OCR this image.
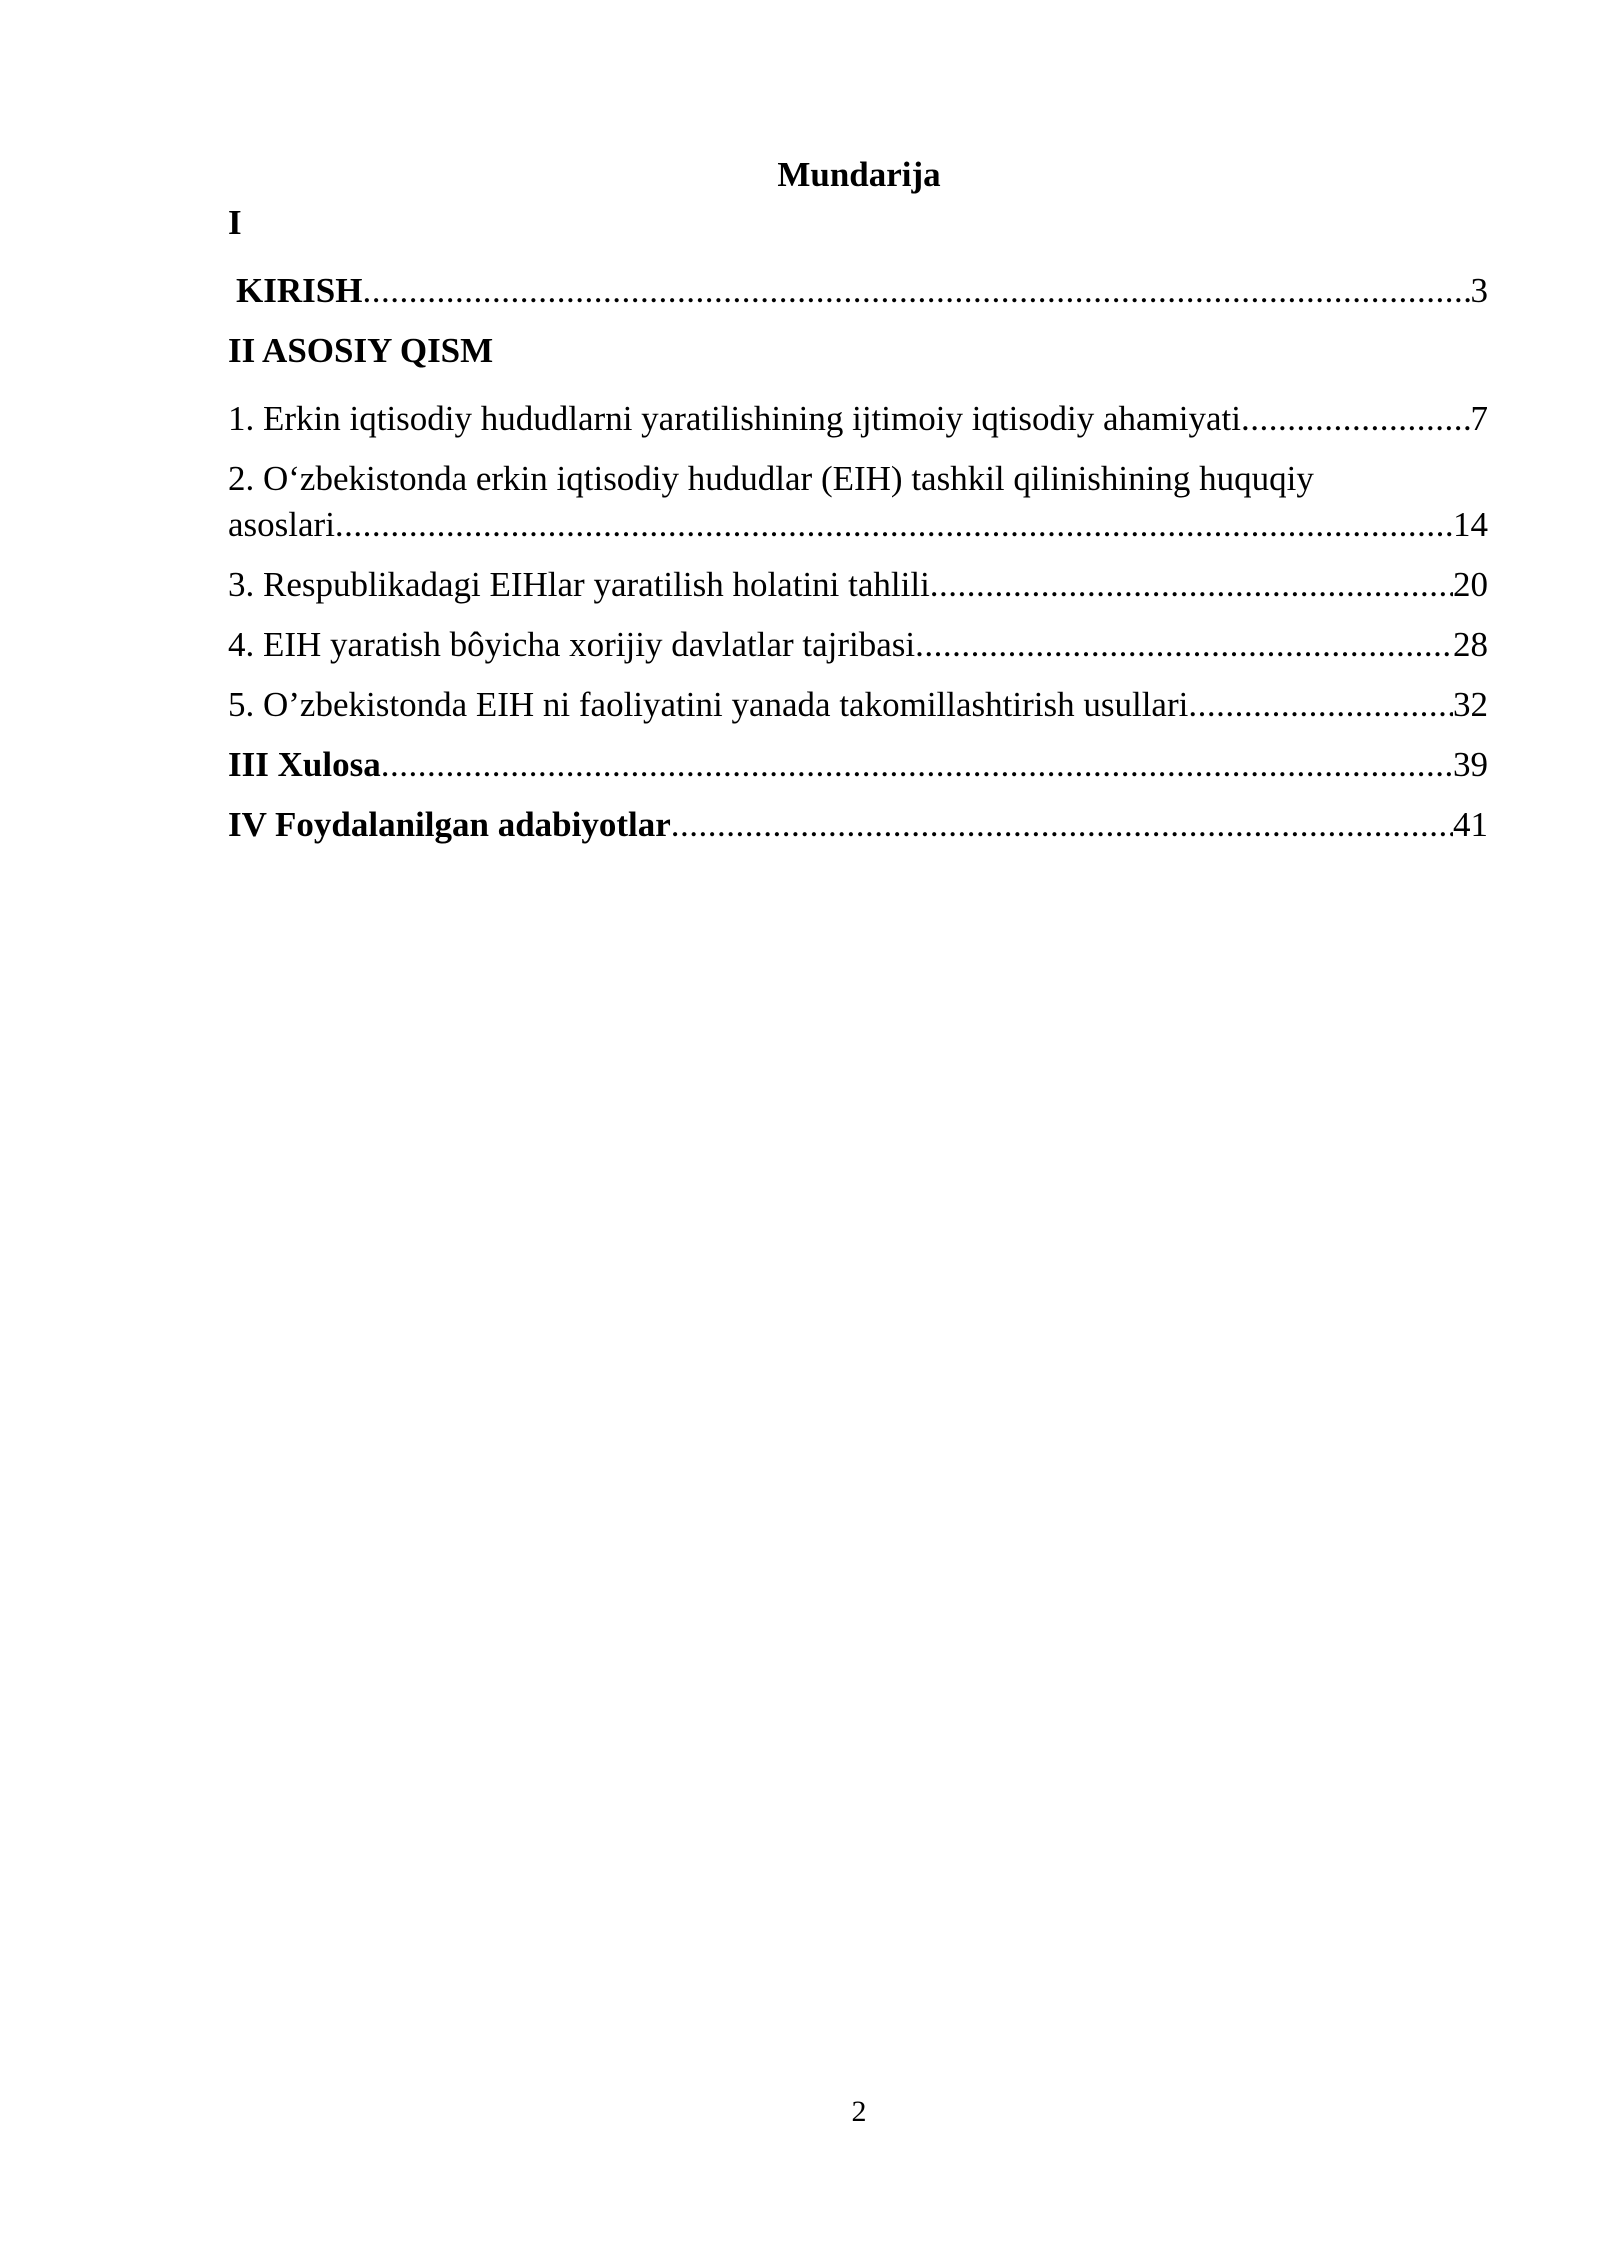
Mundarija
I
KIRISH .....	3
II ASOSIY QISM
1. Erkin iqtisodiy hududlarni yaratilishining ijtimoiy iqtisodiy ahamiyati .....	7
2. O‘zbekistonda erkin iqtisodiy hududlar (EIH) tashkil qilinishining huquqiy
asoslari .....	14
3. Respublikadagi EIHlar yaratilish holatini tahlili .....	20
4. EIH yaratish bôyicha xorijiy davlatlar tajribasi .....	28
5. O’zbekistonda EIH ni faoliyatini yanada takomillashtirish usullari .....	32
III Xulosa .....	39
IV Foydalanilgan adabiyotlar .....	41
2
